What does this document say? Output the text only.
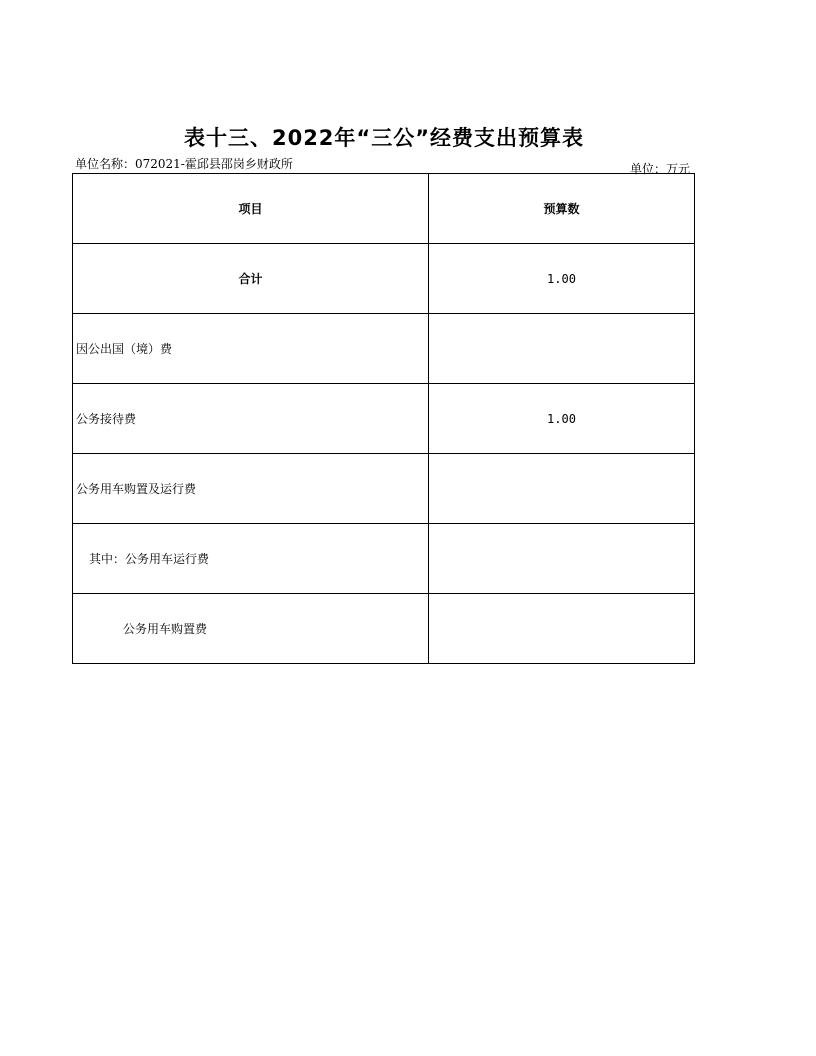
表十三、2022年“三公”经费支出预算表
单位名称：072021-霍邱县邵岗乡财政所	单位：万元
项目	预算数
合计	1.00
因公出国（境）费	
公务接待费	1.00
公务用车购置及运行费	
其中：公务用车运行费	
公务用车购置费	
